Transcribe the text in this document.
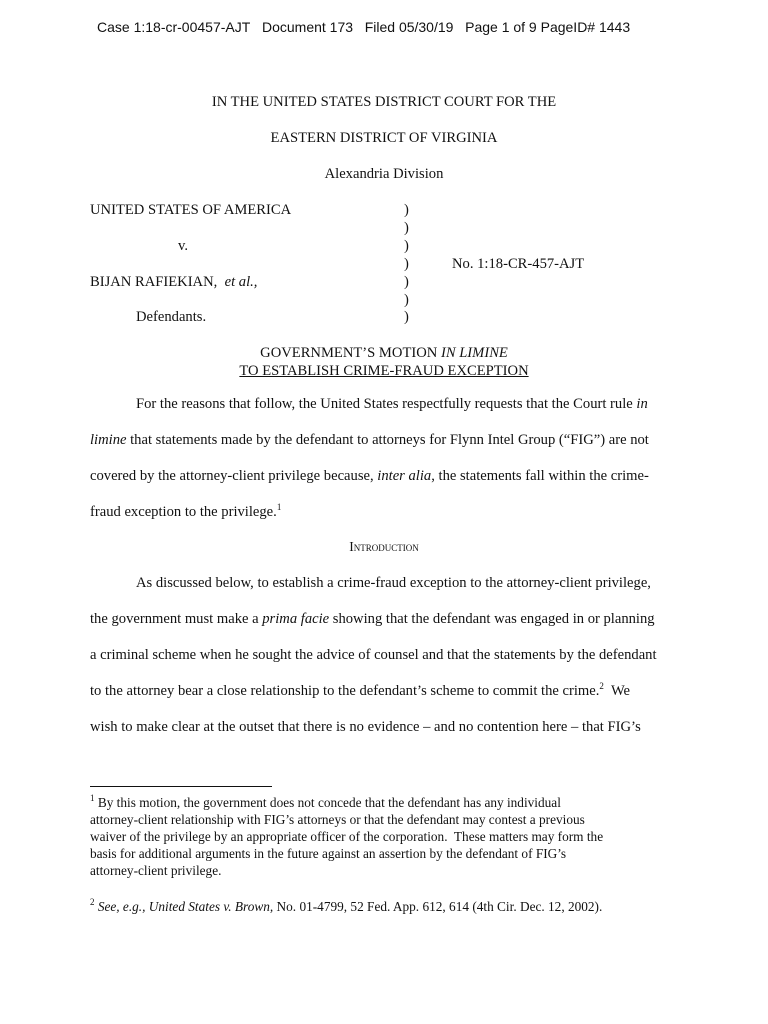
Case 1:18-cr-00457-AJT Document 173 Filed 05/30/19 Page 1 of 9 PageID# 1443
IN THE UNITED STATES DISTRICT COURT FOR THE
EASTERN DISTRICT OF VIRGINIA
Alexandria Division
UNITED STATES OF AMERICA
v.
BIJAN RAFIEKIAN, et al.,
Defendants.
)
)
)
)
)
)
)
No. 1:18-CR-457-AJT
GOVERNMENT’S MOTION IN LIMINE
TO ESTABLISH CRIME-FRAUD EXCEPTION
For the reasons that follow, the United States respectfully requests that the Court rule in
limine that statements made by the defendant to attorneys for Flynn Intel Group (“FIG”) are not
covered by the attorney-client privilege because, inter alia, the statements fall within the crime-
fraud exception to the privilege.$^1$
Introduction
As discussed below, to establish a crime-fraud exception to the attorney-client privilege,
the government must make a prima facie showing that the defendant was engaged in or planning
a criminal scheme when he sought the advice of counsel and that the statements by the defendant
to the attorney bear a close relationship to the defendant’s scheme to commit the crime.$^2$  We
wish to make clear at the outset that there is no evidence – and no contention here – that FIG’s
$^1$ By this motion, the government does not concede that the defendant has any individual
attorney-client relationship with FIG’s attorneys or that the defendant may contest a previous
waiver of the privilege by an appropriate officer of the corporation.  These matters may form the
basis for additional arguments in the future against an assertion by the defendant of FIG’s
attorney-client privilege.
$^2$ See, e.g., United States v. Brown, No. 01-4799, 52 Fed. App. 612, 614 (4th Cir. Dec. 12, 2002).
